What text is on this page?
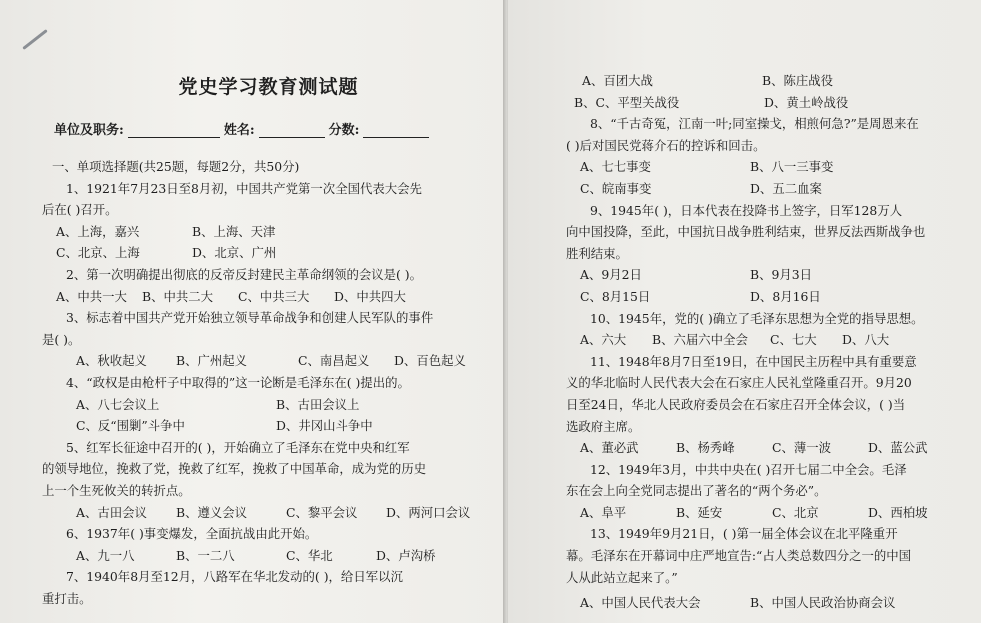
党史学习教育测试题
单位及职务:	姓名:	分数:
一、单项选择题(共25题，每题2分，共50分)
1、1921年7月23日至8月初，中国共产党第一次全国代表大会先
后在( )召开。
A、上海，嘉兴	B、上海、天津
C、北京、上海	D、北京、广州
2、第一次明确提出彻底的反帝反封建民主革命纲领的会议是( )。
A、中共一大	B、中共二大	C、中共三大	D、中共四大
3、标志着中国共产党开始独立领导革命战争和创建人民军队的事件
是( )。
A、秋收起义	B、广州起义	C、南昌起义	D、百色起义
4、“政权是由枪杆子中取得的”这一论断是毛泽东在( )提出的。
A、八七会议上	B、古田会议上
C、反“围剿”斗争中	D、井冈山斗争中
5、红军长征途中召开的( )，开始确立了毛泽东在党中央和红军
的领导地位，挽救了党，挽救了红军，挽救了中国革命，成为党的历史
上一个生死攸关的转折点。
A、古田会议	B、遵义会议	C、黎平会议	D、两河口会议
6、1937年( )事变爆发，全面抗战由此开始。
A、九一八	B、一二八	C、华北	D、卢沟桥
7、1940年8月至12月，八路军在华北发动的( )，给日军以沉
重打击。
A、百团大战	B、陈庄战役
B、C、平型关战役	D、黄土岭战役
8、“千古奇冤，江南一叶;同室操戈，相煎何急?”是周恩来在
( )后对国民党蒋介石的控诉和回击。
A、七七事变	B、八一三事变
C、皖南事变	D、五二血案
9、1945年( )，日本代表在投降书上签字，日军128万人
向中国投降，至此，中国抗日战争胜利结束，世界反法西斯战争也
胜利结束。
A、9月2日	B、9月3日
C、8月15日	D、8月16日
10、1945年，党的( )确立了毛泽东思想为全党的指导思想。
A、六大	B、六届六中全会	C、七大	D、八大
11、1948年8月7日至19日，在中国民主历程中具有重要意
义的华北临时人民代表大会在石家庄人民礼堂隆重召开。9月20
日至24日，华北人民政府委员会在石家庄召开全体会议，( )当
选政府主席。
A、董必武	B、杨秀峰	C、薄一波	D、蓝公武
12、1949年3月，中共中央在( )召开七届二中全会。毛泽
东在会上向全党同志提出了著名的“两个务必”。
A、阜平	B、延安	C、北京	D、西柏坡
13、1949年9月21日，( )第一届全体会议在北平隆重开
幕。毛泽东在开幕词中庄严地宣告:“占人类总数四分之一的中国
人从此站立起来了。”
A、中国人民代表大会	B、中国人民政治协商会议
